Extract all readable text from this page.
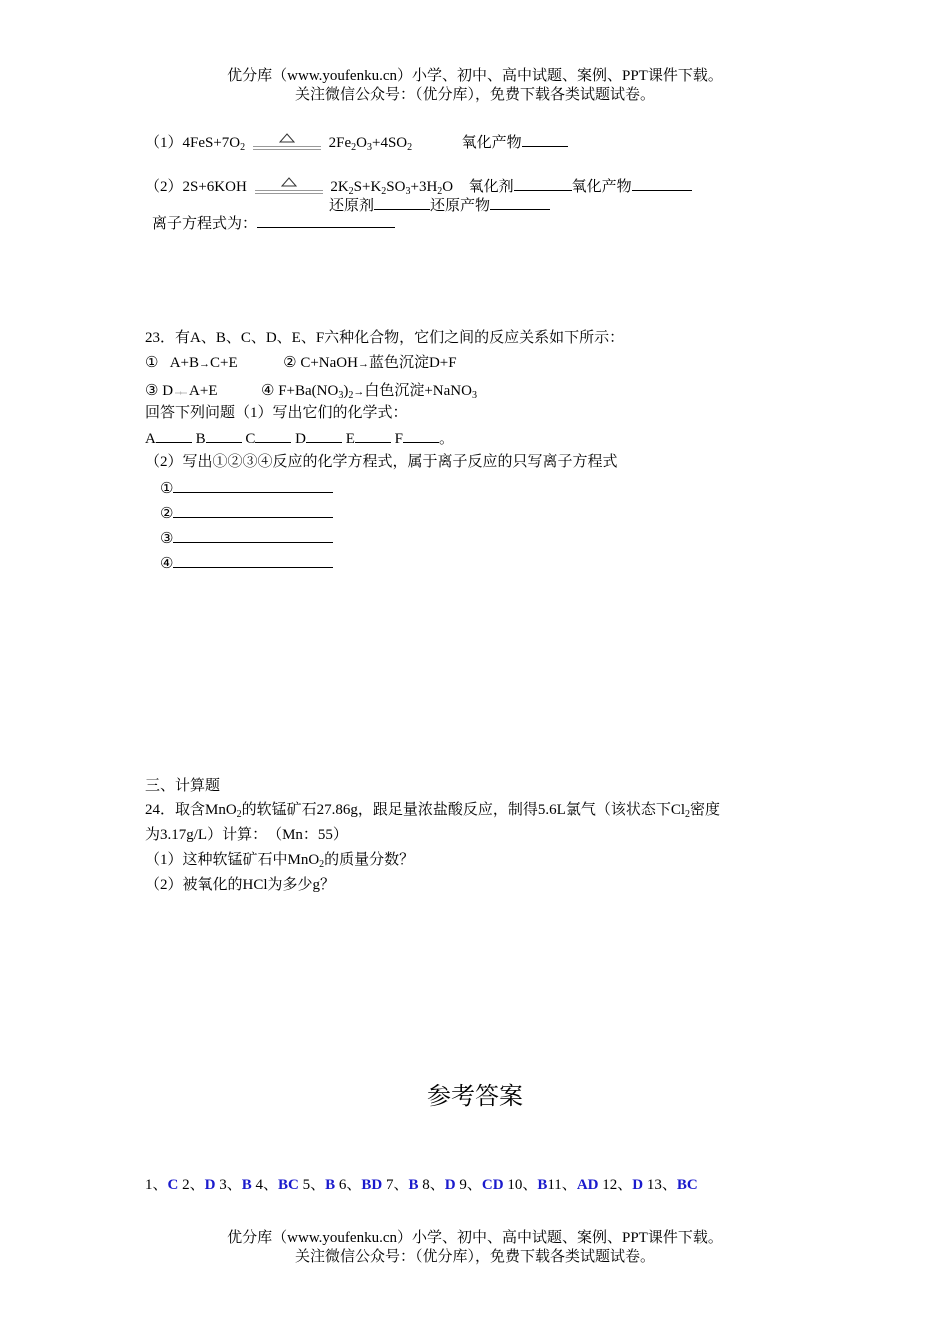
优分库（www.youfenku.cn）小学、初中、高中试题、案例、PPT课件下载。
关注微信公众号：（优分库），免费下载各类试题试卷。
$(1)4FeS+7O_2$	$2Fe_2O_3+4SO_2$	氧化产物
（2）2S+6KOH	$2K_2S+K_2SO_3+3H_2O$ 氧化剂	氧化产物
还原剂	还原产物
离子方程式为：
23．有A、B、C、D、E、F六种化合物，它们之间的反应关系如下所示：
① A+B→C+E	② C+NaOH→蓝色沉淀D+F
③ D A+E	④ $F+Ba(NO_3)_2\to$白色沉淀+NaNO$_3$
回答下列问题（1）写出它们的化学式：
A	B	C	D	E	F 。
（2）写出①②③④反应的化学方程式，属于离子反应的只写离子方程式
①
②
③
④
三、计算题
24．取含MnO$_2$的软锰矿石27.86g，跟足量浓盐酸反应，制得5.6L氯气（该状态下$Cl_2$密度
为3.17g/L）计算：　（Mn：55）
（1）这种软锰矿石中MnO$_2$的质量分数？
（2）被氧化的HCl为多少g？
参考答案
1、C 2、D 3、B 4、BC 5、B 6、BD 7、B 8、D 9、CD 10、B11、AD 12、D 13、BC
优分库（www.youfenku.cn）小学、初中、高中试题、案例、PPT课件下载。
关注微信公众号：（优分库），免费下载各类试题试卷。
